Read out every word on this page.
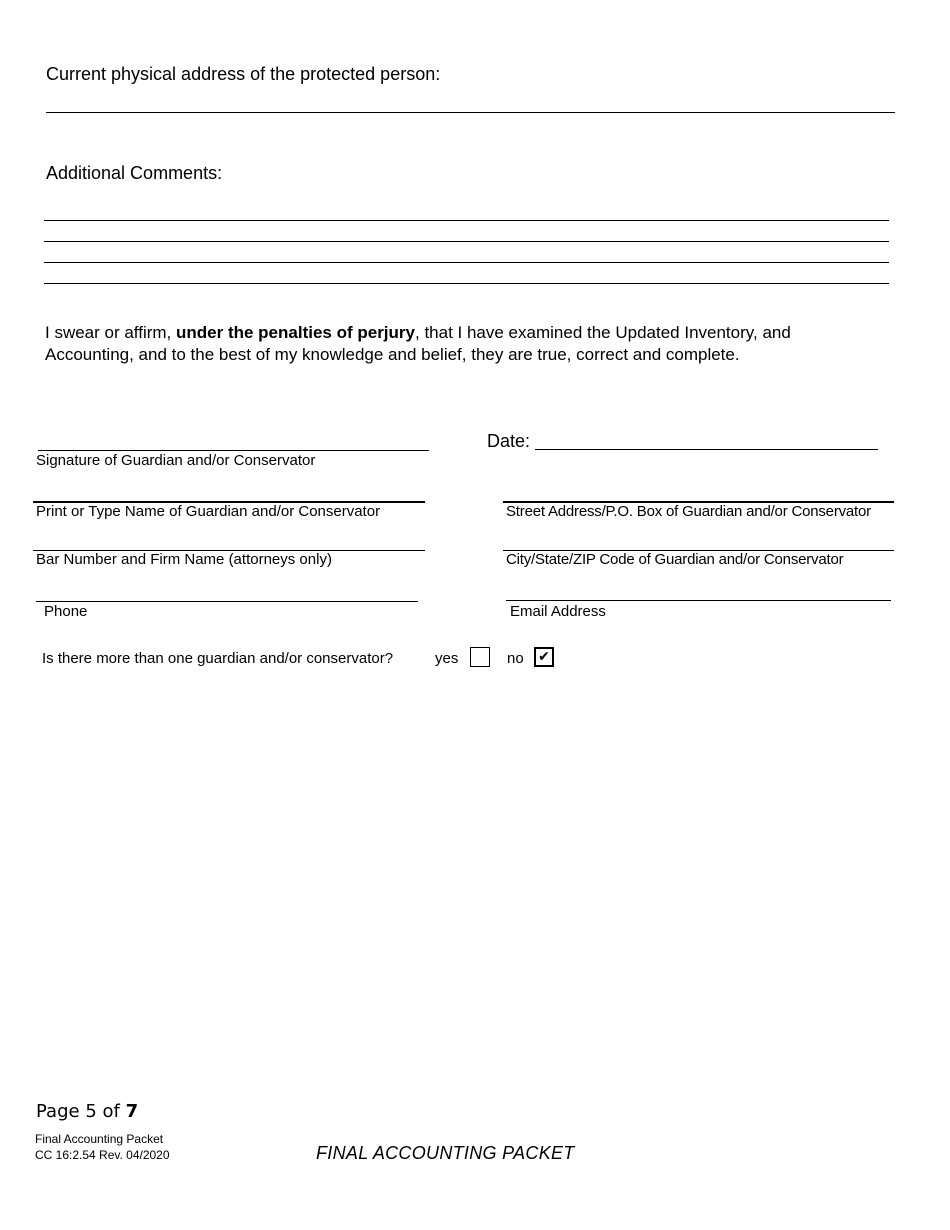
Current physical address of the protected person:
Additional Comments:
I swear or affirm, under the penalties of perjury, that I have examined the Updated Inventory, and
Accounting, and to the best of my knowledge and belief, they are true, correct and complete.
Signature of Guardian and/or Conservator
Date:
Print or Type Name of Guardian and/or Conservator	Street Address/P.O. Box of Guardian and/or Conservator
Bar Number and Firm Name (attorneys only)	City/State/ZIP Code of Guardian and/or Conservator
Phone	Email Address
Is there more than one guardian and/or conservator?	yes	no ✔
Page 5 of 7
Final Accounting Packet
CC 16:2.54 Rev. 04/2020	FINAL ACCOUNTING PACKET
